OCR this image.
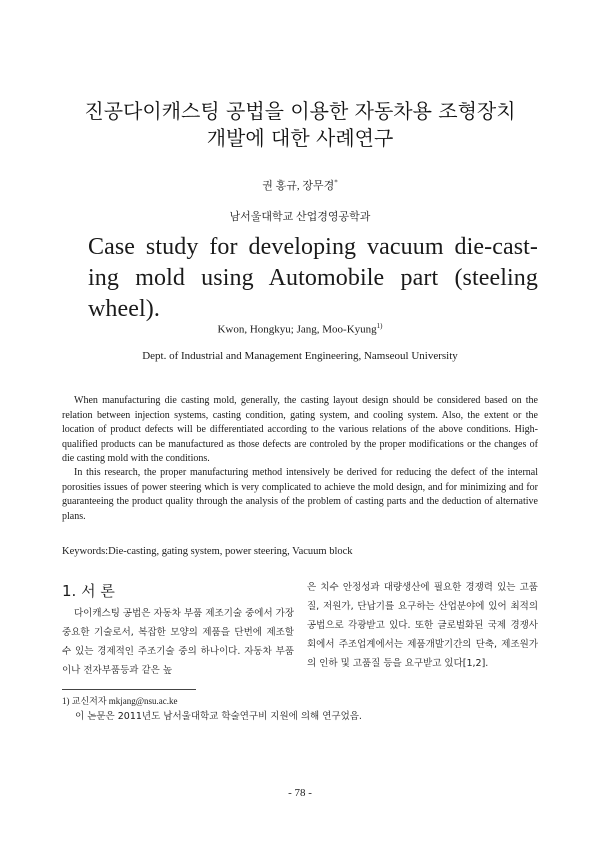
진공다이캐스팅 공법을 이용한 자동차용 조형장치
개발에 대한 사례연구
권 홍규, 장무경*
남서울대학교 산업경영공학과
Case study for developing vacuum die-cast-
ing mold using Automobile part (steeling wheel).
Kwon, Hongkyu; Jang, Moo-Kyung$^{1)}$
Dept. of Industrial and Management Engineering, Namseoul University
When manufacturing die casting mold, generally, the casting layout design should be considered based on the relation between injection systems, casting condition, gating system, and cooling system. Also, the extent or the location of product defects will be differentiated according to the various relations of the above conditions. High-qualified products can be manufactured as those defects are controled by the proper modifications or the changes of die casting mold with the conditions.
In this research, the proper manufacturing method intensively be derived for reducing the defect of the internal porosities issues of power steering which is very complicated to achieve the mold design, and for minimizing and for guaranteeing the product quality through the analysis of the problem of casting parts and the deduction of alternative plans.
Keywords:Die-casting, gating system, power steering, Vacuum block
1. 서 론
다이캐스팅 공법은 자동차 부품 제조기술 중에서 가장 중요한 기술로서, 복잡한 모양의 제품을 단번에 제조할 수 있는 경제적인 주조기술 중의 하나이다. 자동차 부품이나 전자부품등과 같은 높
은 치수 안정성과 대량생산에 필요한 경쟁력 있는 고품질, 저원가, 단납기를 요구하는 산업분야에 있어 최적의 공법으로 각광받고 있다. 또한 글로벌화된 국제 경쟁사회에서 주조업계에서는 제품개발기간의 단축, 제조원가의 인하 및 고품질 등을 요구받고 있다[1,2].
1) 교신저자 mkjang@nsu.ac.ke
이 논문은 2011년도 남서울대학교 학술연구비 지원에 의해 연구었음.
- 78 -
